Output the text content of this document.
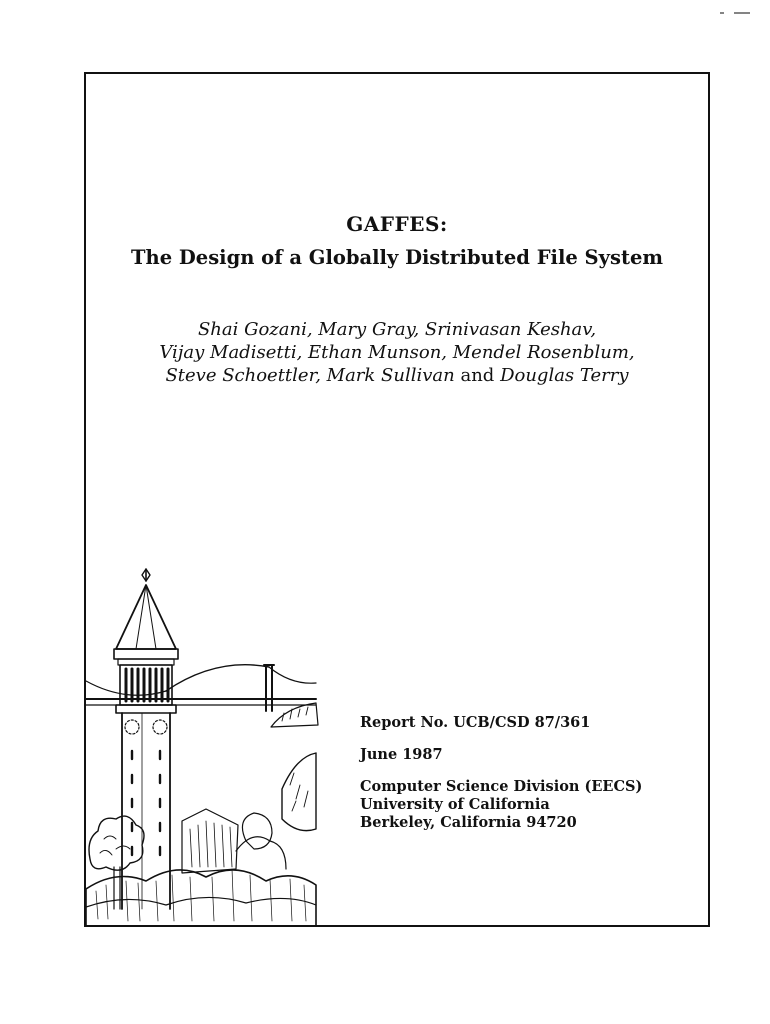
GAFFES:
The Design of a Globally Distributed File System
Shai Gozani, Mary Gray, Srinivasan Keshav,
Vijay Madisetti, Ethan Munson, Mendel Rosenblum,
Steve Schoettler, Mark Sullivan and Douglas Terry
Report No. UCB/CSD 87/361
June 1987
Computer Science Division (EECS)
University of California
Berkeley, California 94720
